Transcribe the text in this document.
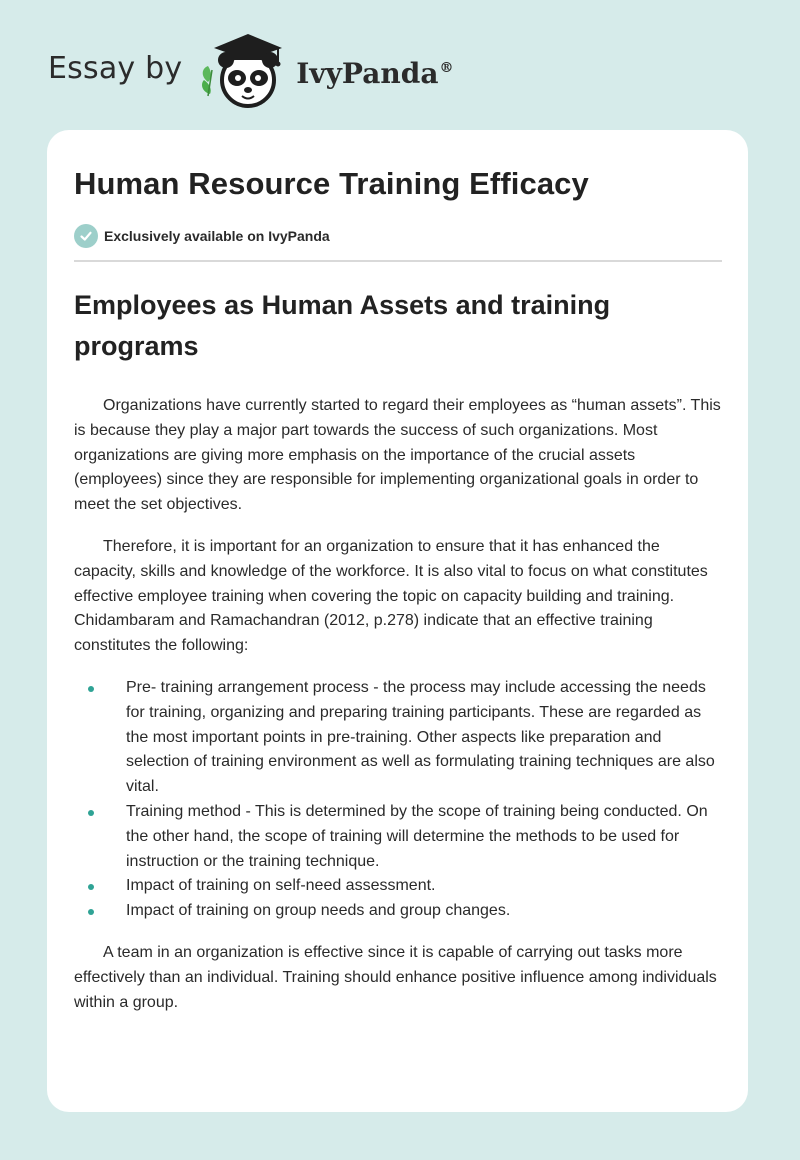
Essay by	IvyPanda®
Human Resource Training Efficacy
Exclusively available on IvyPanda
Employees as Human Assets and training programs

Organizations have currently started to regard their employees as “human assets”. This is because they play a major part towards the success of such organizations. Most organizations are giving more emphasis on the importance of the crucial assets (employees) since they are responsible for implementing organizational goals in order to meet the set objectives.

Therefore, it is important for an organization to ensure that it has enhanced the capacity, skills and knowledge of the workforce. It is also vital to focus on what constitutes effective employee training when covering the topic on capacity building and training. Chidambaram and Ramachandran (2012, p.278) indicate that an effective training constitutes the following:

Pre- training arrangement process - the process may include accessing the needs for training, organizing and preparing training participants. These are regarded as the most important points in pre-training. Other aspects like preparation and selection of training environment as well as formulating training techniques are also vital.
Training method - This is determined by the scope of training being conducted. On the other hand, the scope of training will determine the methods to be used for instruction or the training technique.
Impact of training on self-need assessment.
Impact of training on group needs and group changes.

A team in an organization is effective since it is capable of carrying out tasks more effectively than an individual. Training should enhance positive influence among individuals within a group.
